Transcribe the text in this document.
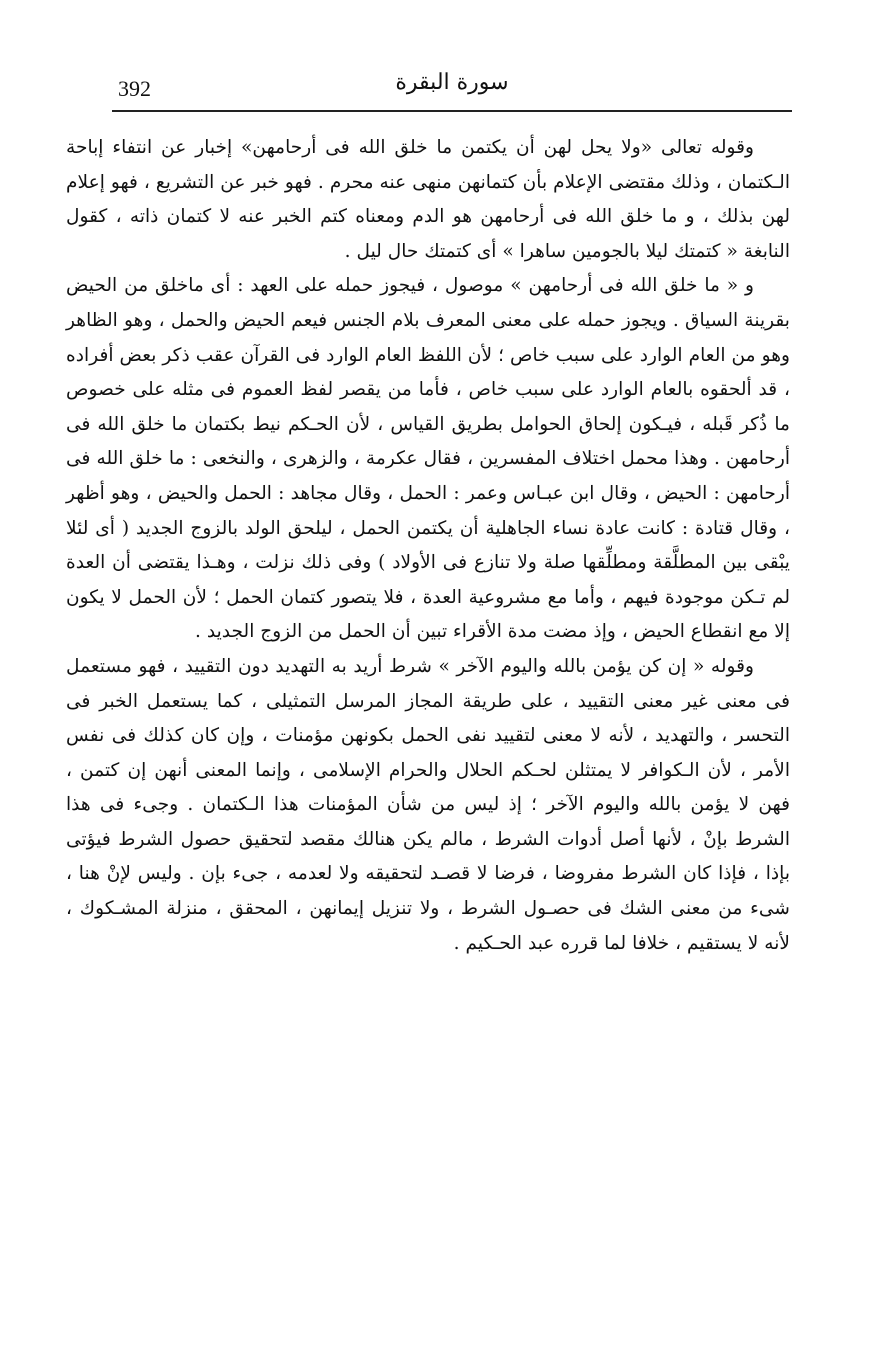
392	سورة البقرة

وقوله تعالى «ولا يحل لهن أن يكتمن ما خلق الله فى أرحامهن» إخبار عن انتفاء إباحة الـكتمان ، وذلك مقتضى الإعلام بأن كتمانهن منهى عنه محرم . فهو خبر عن التشريع ، فهو إعلام لهن بذلك ، و ما خلق الله فى أرحامهن هو الدم ومعناه كتم الخبر عنه لا كتمان ذاته ، كقول النابغة « كتمتك ليلا بالجومين ساهرا » أى كتمتك حال ليل .

و « ما خلق الله فى أرحامهن » موصول ، فيجوز حمله على العهد : أى ماخلق من الحيض بقرينة السياق . ويجوز حمله على معنى المعرف بلام الجنس فيعم الحيض والحمل ، وهو الظاهر وهو من العام الوارد على سبب خاص ؛ لأن اللفظ العام الوارد فى القرآن عقب ذكر بعض أفراده ، قد ألحقوه بالعام الوارد على سبب خاص ، فأما من يقصر لفظ العموم فى مثله على خصوص ما ذُكر قَبله ، فيـكون إلحاق الحوامل بطريق القياس ، لأن الحـكم نيط بكتمان ما خلق الله فى أرحامهن . وهذا محمل اختلاف المفسرين ، فقال عكرمة ، والزهرى ، والنخعى : ما خلق الله فى أرحامهن : الحيض ، وقال ابن عبـاس وعمر : الحمل ، وقال مجاهد : الحمل والحيض ، وهو أظهر ، وقال قتادة : كانت عادة نساء الجاهلية أن يكتمن الحمل ، ليلحق الولد بالزوج الجديد ( أى لئلا يبْقى بين المطلَّقة ومطلِّقها صلة ولا تنازع فى الأولاد ) وفى ذلك نزلت ، وهـذا يقتضى أن العدة لم تـكن موجودة فيهم ، وأما مع مشروعية العدة ، فلا يتصور كتمان الحمل ؛ لأن الحمل لا يكون إلا مع انقطاع الحيض ، وإذ مضت مدة الأقراء تبين أن الحمل من الزوج الجديد .

وقوله « إن كن يؤمن بالله واليوم الآخر » شرط أريد به التهديد دون التقييد ، فهو مستعمل فى معنى غير معنى التقييد ، على طريقة المجاز المرسل التمثيلى ، كما يستعمل الخبر فى التحسر ، والتهديد ، لأنه لا معنى لتقييد نفى الحمل بكونهن مؤمنات ، وإن كان كذلك فى نفس الأمر ، لأن الـكوافر لا يمتثلن لحـكم الحلال والحرام الإسلامى ، وإنما المعنى أنهن إن كتمن ، فهن لا يؤمن بالله واليوم الآخر ؛ إذ ليس من شأن المؤمنات هذا الـكتمان . وجىء فى هذا الشرط بإنْ ، لأنها أصل أدوات الشرط ، مالم يكن هنالك مقصد لتحقيق حصول الشرط فيؤتى بإذا ، فإذا كان الشرط مفروضا ، فرضا لا قصـد لتحقيقه ولا لعدمه ، جىء بإن . وليس لإنْ هنا ، شىء من معنى الشك فى حصـول الشرط ، ولا تنزيل إيمانهن ، المحقق ، منزلة المشـكوك ، لأنه لا يستقيم ، خلافا لما قرره عبد الحـكيم .
